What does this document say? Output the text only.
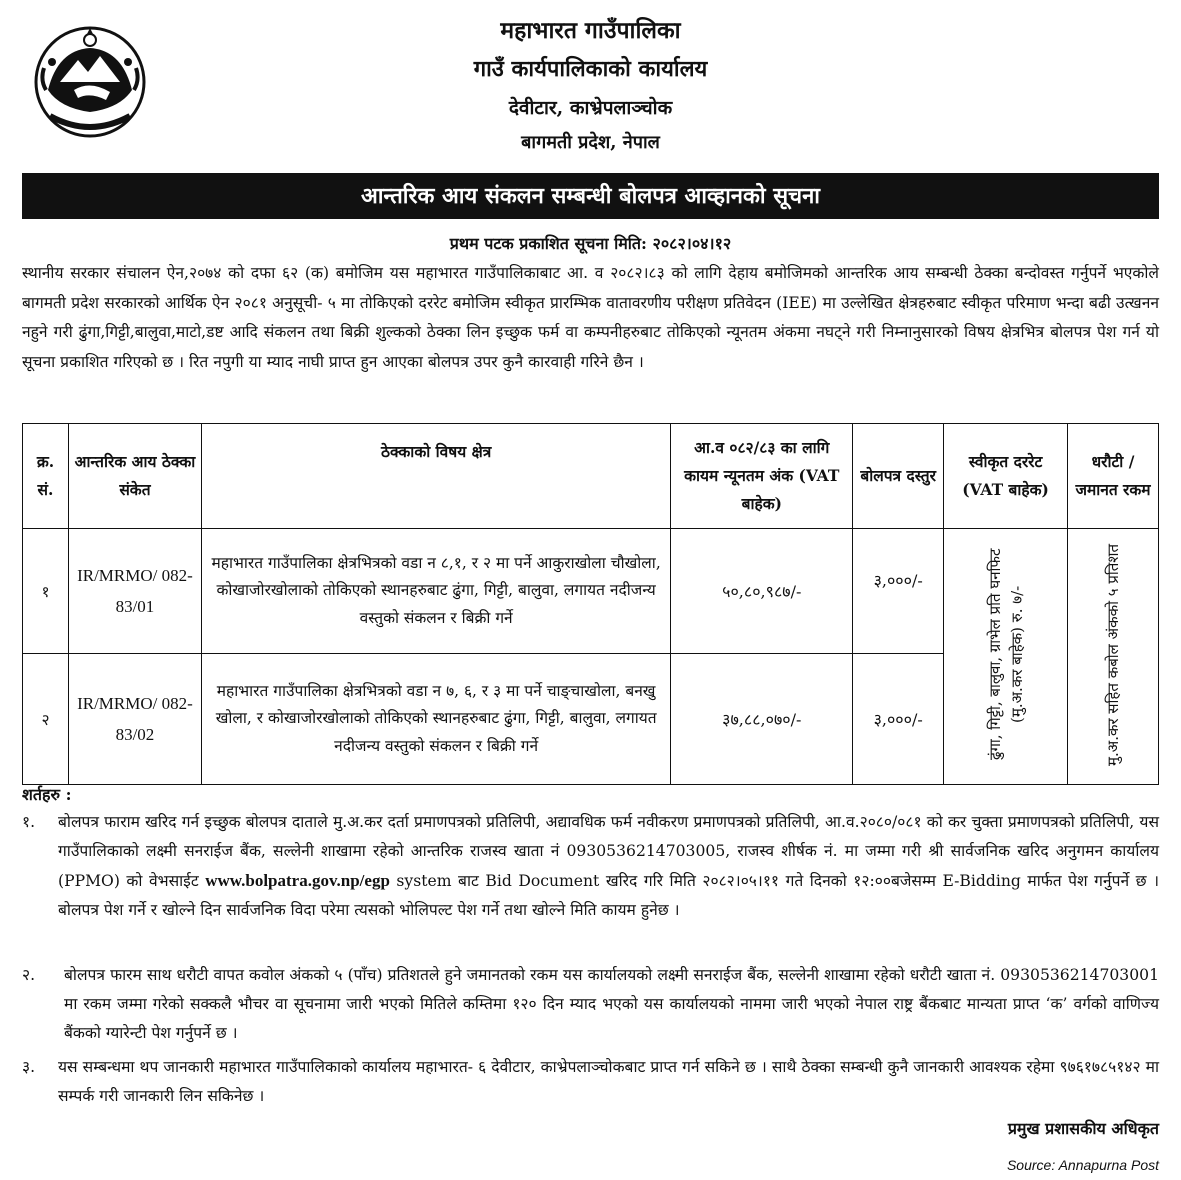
महाभारत गाउँपालिका
गाउँ कार्यपालिकाको कार्यालय
देवीटार, काभ्रेपलाञ्चोक
बागमती प्रदेश, नेपाल
आन्तरिक आय संकलन सम्बन्धी बोलपत्र आव्हानको सूचना
प्रथम पटक प्रकाशित सूचना मिति: २०८२।०४।१२
स्थानीय सरकार संचालन ऐन,२०७४ को दफा ६२ (क) बमोजिम यस महाभारत गाउँपालिकाबाट आ. व २०८२।८३ को लागि देहाय बमोजिमको आन्तरिक आय सम्बन्धी ठेक्का बन्दोवस्त गर्नुपर्ने भएकोले बागमती प्रदेश सरकारको आर्थिक ऐन २०८१ अनुसूची- ५ मा तोकिएको दररेट बमोजिम स्वीकृत प्रारम्भिक वातावरणीय परीक्षण प्रतिवेदन (IEE) मा उल्लेखित क्षेत्रहरुबाट स्वीकृत परिमाण भन्दा बढी उत्खनन नहुने गरी ढुंगा,गिट्टी,बालुवा,माटो,डष्ट आदि संकलन तथा बिक्री शुल्कको ठेक्का लिन इच्छुक फर्म वा कम्पनीहरुबाट तोकिएको न्यूनतम अंकमा नघट्ने गरी निम्नानुसारको विषय क्षेत्रभित्र बोलपत्र पेश गर्न यो सूचना प्रकाशित गरिएको छ । रित नपुगी या म्याद नाघी प्राप्त हुन आएका बोलपत्र उपर कुनै कारवाही गरिने छैन ।
क्र. सं.	आन्तरिक आय ठेक्का संकेत	ठेक्काको विषय क्षेत्र	आ.व ०८२/८३ का लागि कायम न्यूनतम अंक (VAT बाहेक)	बोलपत्र दस्तुर	स्वीकृत दररेट (VAT बाहेक)	धरौटी / जमानत रकम
१	IR/MRMO/ 082-83/01	महाभारत गाउँपालिका क्षेत्रभित्रको वडा न ८,१, र २ मा पर्ने आकुराखोला चौखोला, कोखाजोरखोलाको तोकिएको स्थानहरुबाट ढुंगा, गिट्टी, बालुवा, लगायत नदीजन्य वस्तुको संकलन र बिक्री गर्ने	५०,८०,९८७/-	३,०००/-	ढुंगा, गिट्टी, बालुवा, ग्राभेल प्रति घनफिट (मु.अ.कर बाहेक) रु. ७/-	मु.अ.कर सहित कबोल अंकको ५ प्रतिशत
२	IR/MRMO/ 082-83/02	महाभारत गाउँपालिका क्षेत्रभित्रको वडा न ७, ६, र ३ मा पर्ने चाङ्चाखोला, बनखु खोला, र कोखाजोरखोलाको तोकिएको स्थानहरुबाट ढुंगा, गिट्टी, बालुवा, लगायत नदीजन्य वस्तुको संकलन र बिक्री गर्ने	३७,८८,०७०/-	३,०००/-		
शर्तहरु :
१. बोलपत्र फाराम खरिद गर्न इच्छुक बोलपत्र दाताले मु.अ.कर दर्ता प्रमाणपत्रको प्रतिलिपी, अद्यावधिक फर्म नवीकरण प्रमाणपत्रको प्रतिलिपी, आ.व.२०८०/०८१ को कर चुक्ता प्रमाणपत्रको प्रतिलिपी, यस गाउँपालिकाको लक्ष्मी सनराईज बैंक, सल्लेनी शाखामा रहेको आन्तरिक राजस्व खाता नं 0930536214703005, राजस्व शीर्षक नं. मा जम्मा गरी श्री सार्वजनिक खरिद अनुगमन कार्यालय (PPMO) को वेभसाईट www.bolpatra.gov.np/egp system बाट Bid Document खरिद गरि मिति २०८२।०५।११ गते दिनको १२:००बजेसम्म E-Bidding मार्फत पेश गर्नुपर्ने छ । बोलपत्र पेश गर्ने र खोल्ने दिन सार्वजनिक विदा परेमा त्यसको भोलिपल्ट पेश गर्ने तथा खोल्ने मिति कायम हुनेछ ।
२. बोलपत्र फारम साथ धरौटी वापत कवोल अंकको ५ (पाँच) प्रतिशतले हुने जमानतको रकम यस कार्यालयको लक्ष्मी सनराईज बैंक, सल्लेनी शाखामा रहेको धरौटी खाता नं. 0930536214703001 मा रकम जम्मा गरेको सक्कलै भौचर वा सूचनामा जारी भएको मितिले कम्तिमा १२० दिन म्याद भएको यस कार्यालयको नाममा जारी भएको नेपाल राष्ट्र बैंकबाट मान्यता प्राप्त ‘क’ वर्गको वाणिज्य बैंकको ग्यारेन्टी पेश गर्नुपर्ने छ ।
३. यस सम्बन्धमा थप जानकारी महाभारत गाउँपालिकाको कार्यालय महाभारत- ६ देवीटार, काभ्रेपलाञ्चोकबाट प्राप्त गर्न सकिने छ । साथै ठेक्का सम्बन्धी कुनै जानकारी आवश्यक रहेमा ९७६१७८५१४२ मा सम्पर्क गरी जानकारी लिन सकिनेछ ।
प्रमुख प्रशासकीय अधिकृत
Source: Annapurna Post
